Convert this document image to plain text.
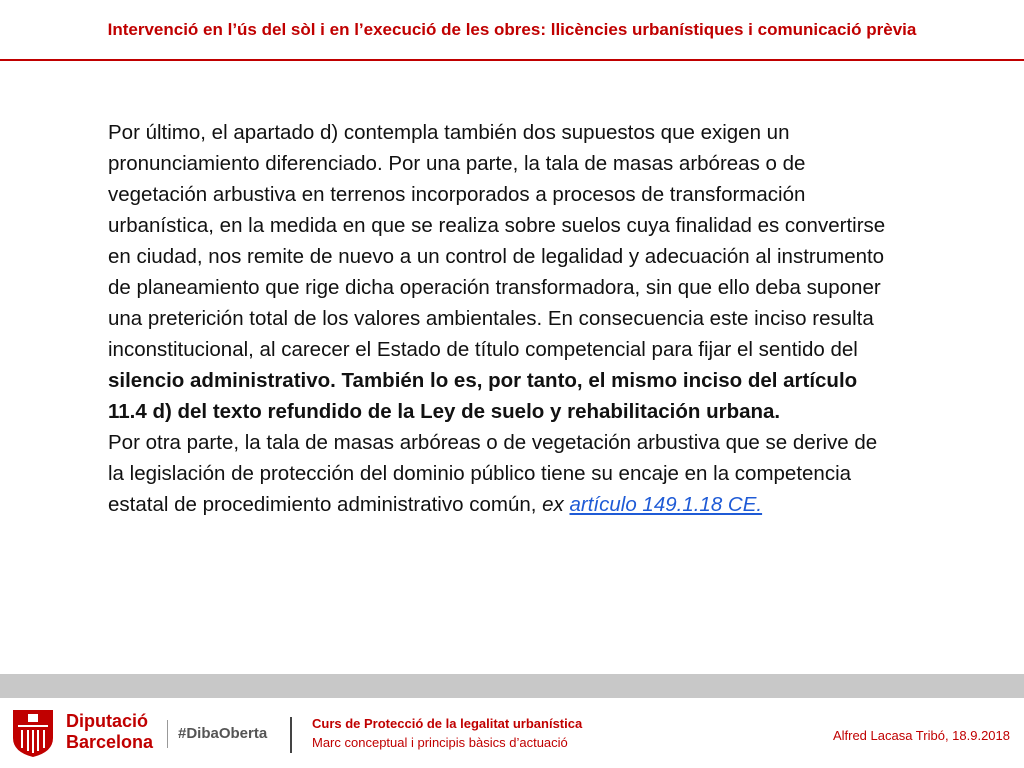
Intervenció en l’ús del sòl i en l’execució de les obres: llicències urbanístiques i comunicació prèvia

Por último, el apartado d) contempla también dos supuestos que exigen un pronunciamiento diferenciado. Por una parte, la tala de masas arbóreas o de vegetación arbustiva en terrenos incorporados a procesos de transformación urbanística, en la medida en que se realiza sobre suelos cuya finalidad es convertirse en ciudad, nos remite de nuevo a un control de legalidad y adecuación al instrumento de planeamiento que rige dicha operación transformadora, sin que ello deba suponer una preterición total de los valores ambientales. En consecuencia este inciso resulta inconstitucional, al carecer el Estado de título competencial para fijar el sentido del silencio administrativo. También lo es, por tanto, el mismo inciso del artículo 11.4 d) del texto refundido de la Ley de suelo y rehabilitación urbana.

Por otra parte, la tala de masas arbóreas o de vegetación arbustiva que se derive de la legislación de protección del dominio público tiene su encaje en la competencia estatal de procedimiento administrativo común, ex artículo 149.1.18 CE.

Diputació
Barcelona #DibaOberta
Curs de Protecció de la legalitat urbanística
Marc conceptual i principis bàsics d’actuació	Alfred Lacasa Tribó, 18.9.2018
